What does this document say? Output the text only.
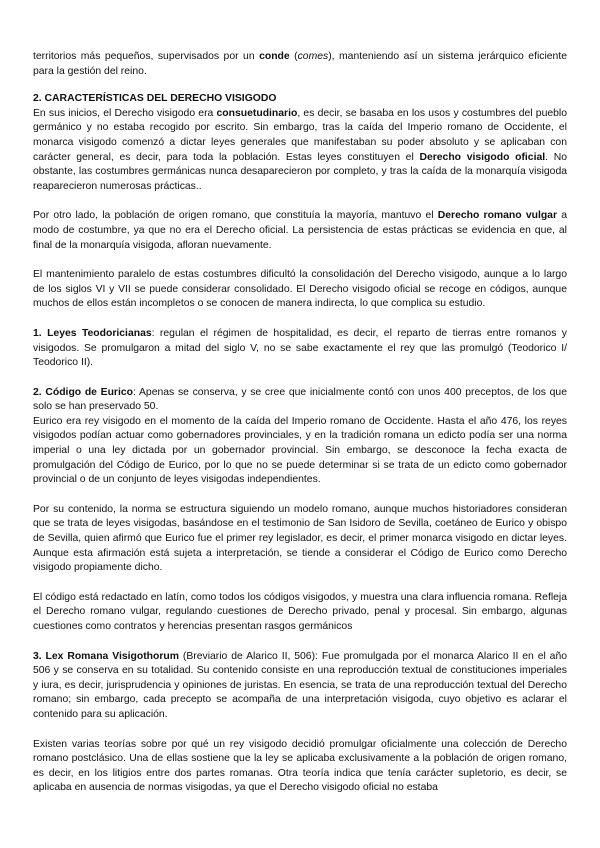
territorios más pequeños, supervisados por un conde (comes), manteniendo así un sistema jerárquico eficiente para la gestión del reino.

2. CARACTERÍSTICAS DEL DERECHO VISIGODO

En sus inicios, el Derecho visigodo era consuetudinario, es decir, se basaba en los usos y costumbres del pueblo germánico y no estaba recogido por escrito. Sin embargo, tras la caída del Imperio romano de Occidente, el monarca visigodo comenzó a dictar leyes generales que manifestaban su poder absoluto y se aplicaban con carácter general, es decir, para toda la población. Estas leyes constituyen el Derecho visigodo oficial. No obstante, las costumbres germánicas nunca desaparecieron por completo, y tras la caída de la monarquía visigoda reaparecieron numerosas prácticas..

Por otro lado, la población de origen romano, que constituía la mayoría, mantuvo el Derecho romano vulgar a modo de costumbre, ya que no era el Derecho oficial. La persistencia de estas prácticas se evidencia en que, al final de la monarquía visigoda, afloran nuevamente.

El mantenimiento paralelo de estas costumbres dificultó la consolidación del Derecho visigodo, aunque a lo largo de los siglos VI y VII se puede considerar consolidado. El Derecho visigodo oficial se recoge en códigos, aunque muchos de ellos están incompletos o se conocen de manera indirecta, lo que complica su estudio.

1. Leyes Teodoricianas: regulan el régimen de hospitalidad, es decir, el reparto de tierras entre romanos y visigodos. Se promulgaron a mitad del siglo V, no se sabe exactamente el rey que las promulgó (Teodorico I/ Teodorico II).

2. Código de Eurico: Apenas se conserva, y se cree que inicialmente contó con unos 400 preceptos, de los que solo se han preservado 50.

Eurico era rey visigodo en el momento de la caída del Imperio romano de Occidente. Hasta el año 476, los reyes visigodos podían actuar como gobernadores provinciales, y en la tradición romana un edicto podía ser una norma imperial o una ley dictada por un gobernador provincial. Sin embargo, se desconoce la fecha exacta de promulgación del Código de Eurico, por lo que no se puede determinar si se trata de un edicto como gobernador provincial o de un conjunto de leyes visigodas independientes.

Por su contenido, la norma se estructura siguiendo un modelo romano, aunque muchos historiadores consideran que se trata de leyes visigodas, basándose en el testimonio de San Isidoro de Sevilla, coetáneo de Eurico y obispo de Sevilla, quien afirmó que Eurico fue el primer rey legislador, es decir, el primer monarca visigodo en dictar leyes. Aunque esta afirmación está sujeta a interpretación, se tiende a considerar el Código de Eurico como Derecho visigodo propiamente dicho.

El código está redactado en latín, como todos los códigos visigodos, y muestra una clara influencia romana. Refleja el Derecho romano vulgar, regulando cuestiones de Derecho privado, penal y procesal. Sin embargo, algunas cuestiones como contratos y herencias presentan rasgos germánicos

3. Lex Romana Visigothorum (Breviario de Alarico II, 506): Fue promulgada por el monarca Alarico II en el año 506 y se conserva en su totalidad. Su contenido consiste en una reproducción textual de constituciones imperiales y iura, es decir, jurisprudencia y opiniones de juristas. En esencia, se trata de una reproducción textual del Derecho romano; sin embargo, cada precepto se acompaña de una interpretación visigoda, cuyo objetivo es aclarar el contenido para su aplicación.

Existen varias teorías sobre por qué un rey visigodo decidió promulgar oficialmente una colección de Derecho romano postclásico. Una de ellas sostiene que la ley se aplicaba exclusivamente a la población de origen romano, es decir, en los litigios entre dos partes romanas. Otra teoría indica que tenía carácter supletorio, es decir, se aplicaba en ausencia de normas visigodas, ya que el Derecho visigodo oficial no estaba
